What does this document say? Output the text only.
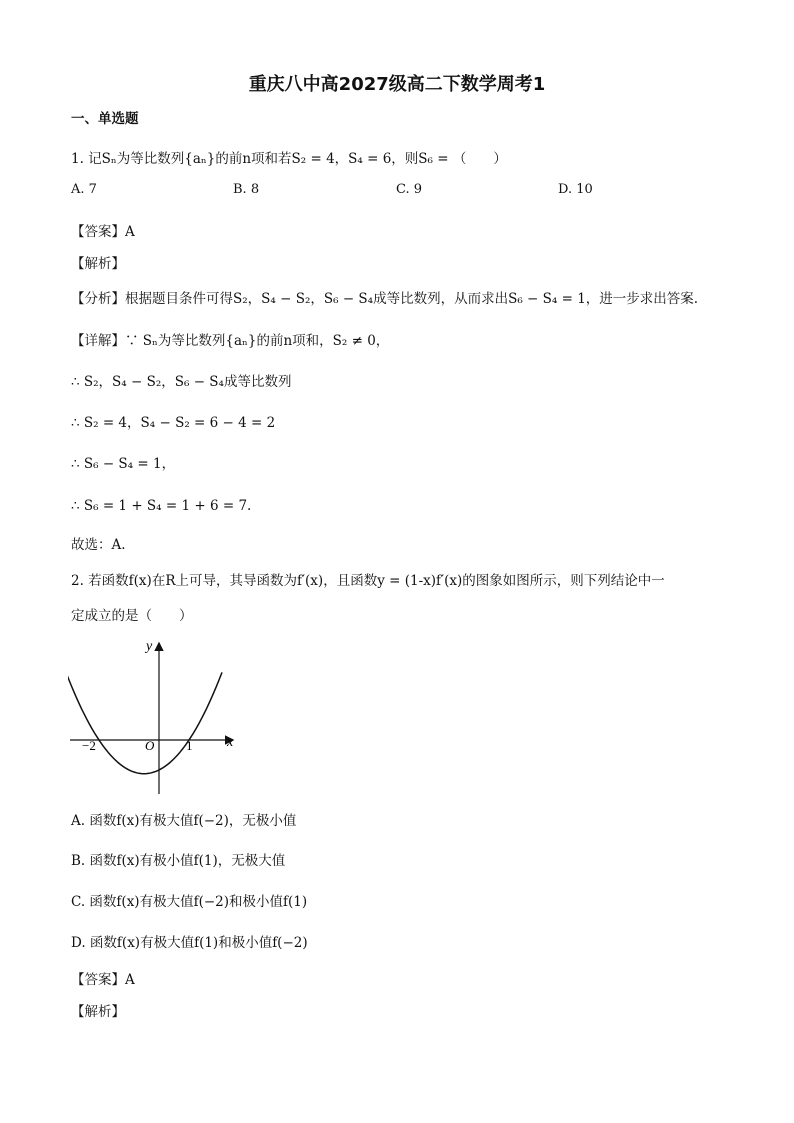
重庆八中高2027级高二下数学周考1
一、单选题
1. 记Sₙ为等比数列{aₙ}的前n项和若S₂ = 4，S₄ = 6，则S₆ = （　　）
A. 7	B. 8	C. 9	D. 10
【答案】A
【解析】
【分析】根据题目条件可得S₂，S₄ − S₂，S₆ − S₄成等比数列，从而求出S₆ − S₄ = 1，进一步求出答案.
【详解】∵ Sₙ为等比数列{aₙ}的前n项和，S₂ ≠ 0，
∴ S₂，S₄ − S₂，S₆ − S₄成等比数列
∴ S₂ = 4，S₄ − S₂ = 6 − 4 = 2
∴ S₆ − S₄ = 1，
∴ S₆ = 1 + S₄ = 1 + 6 = 7.
故选：A.
2. 若函数f(x)在R上可导，其导函数为f′(x)，且函数y = (1-x)f′(x)的图象如图所示，则下列结论中一
定成立的是（　　）
y
x
O
−2	1
A. 函数f(x)有极大值f(−2)，无极小值
B. 函数f(x)有极小值f(1)，无极大值
C. 函数f(x)有极大值f(−2)和极小值f(1)
D. 函数f(x)有极大值f(1)和极小值f(−2)
【答案】A
【解析】
